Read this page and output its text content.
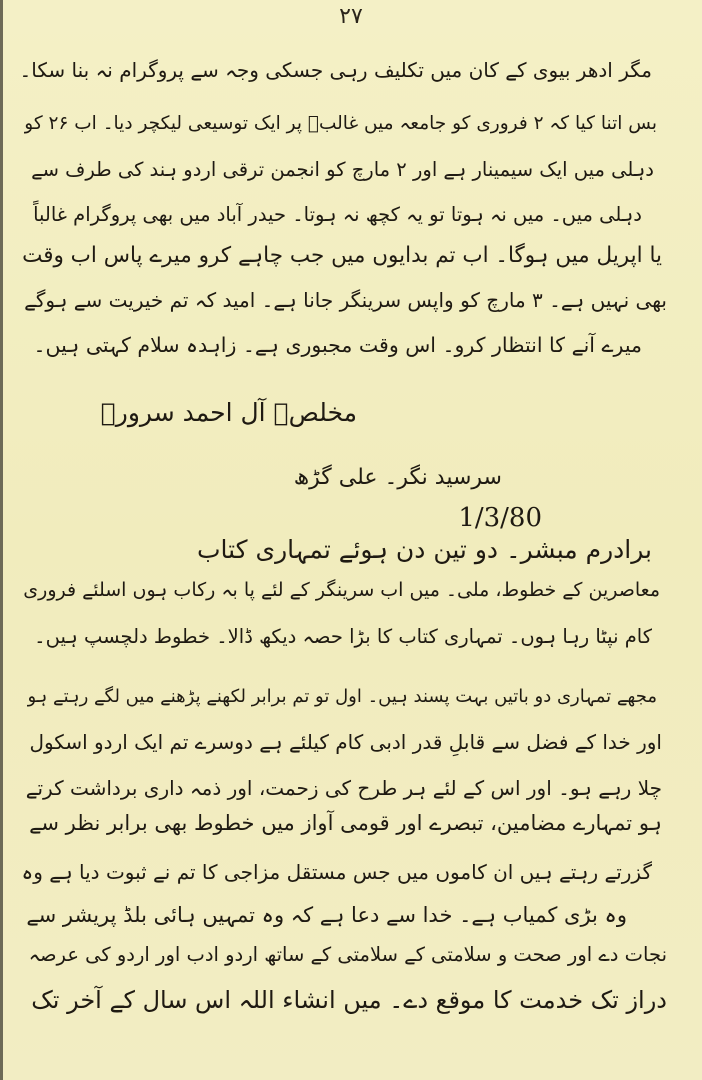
۲۷
مگر ادھر بیوی کے کان میں تکلیف رہی جسکی وجہ سے پروگرام نہ بنا سکا۔
بس اتنا کیا کہ ۲ فروری کو جامعہ میں غالبؔ پر ایک توسیعی لیکچر دیا۔ اب ۲۶ کو
دہلی میں ایک سیمینار ہے اور ۲ مارچ کو انجمن ترقی اردو ہند کی طرف سے
دہلی میں۔ میں نہ ہوتا تو یہ کچھ نہ ہوتا۔ حیدر آباد میں بھی پروگرام غالباً
یا اپریل میں ہوگا۔ اب تم بدایوں میں جب چاہے کرو میرے پاس اب وقت
بھی نہیں ہے۔ ۳ مارچ کو واپس سرینگر جانا ہے۔ امید کہ تم خیریت سے ہوگے
میرے آنے کا انتظار کرو۔ اس وقت مجبوری ہے۔ زاہدہ سلام کہتی ہیں۔
مخلص۔ آل احمد سرورؔ
سرسید نگر۔ علی گڑھ
1/3/80
برادرم مبشر۔ دو تین دن ہوئے تمہاری کتاب
معاصرین کے خطوط، ملی۔ میں اب سرینگر کے لئے پا بہ رکاب ہوں اسلئے فروری
کام نپٹا رہا ہوں۔ تمہاری کتاب کا بڑا حصہ دیکھ ڈالا۔ خطوط دلچسپ ہیں۔
مجھے تمہاری دو باتیں بہت پسند ہیں۔ اول تو تم برابر لکھنے پڑھنے میں لگے رہتے ہو
اور خدا کے فضل سے قابلِ قدر ادبی کام کیلئے ہے دوسرے تم ایک اردو اسکول
چلا رہے ہو۔ اور اس کے لئے ہر طرح کی زحمت، اور ذمہ داری برداشت کرتے
ہو تمہارے مضامین، تبصرے اور قومی آواز میں خطوط بھی برابر نظر سے
گزرتے رہتے ہیں ان کاموں میں جس مستقل مزاجی کا تم نے ثبوت دیا ہے وہ
وہ بڑی کمیاب ہے۔ خدا سے دعا ہے کہ وہ تمہیں ہائی بلڈ پریشر سے
نجات دے اور صحت و سلامتی کے سلامتی کے ساتھ اردو ادب اور اردو کی عرصہ
دراز تک خدمت کا موقع دے۔ میں انشاء اللہ اس سال کے آخر تک
